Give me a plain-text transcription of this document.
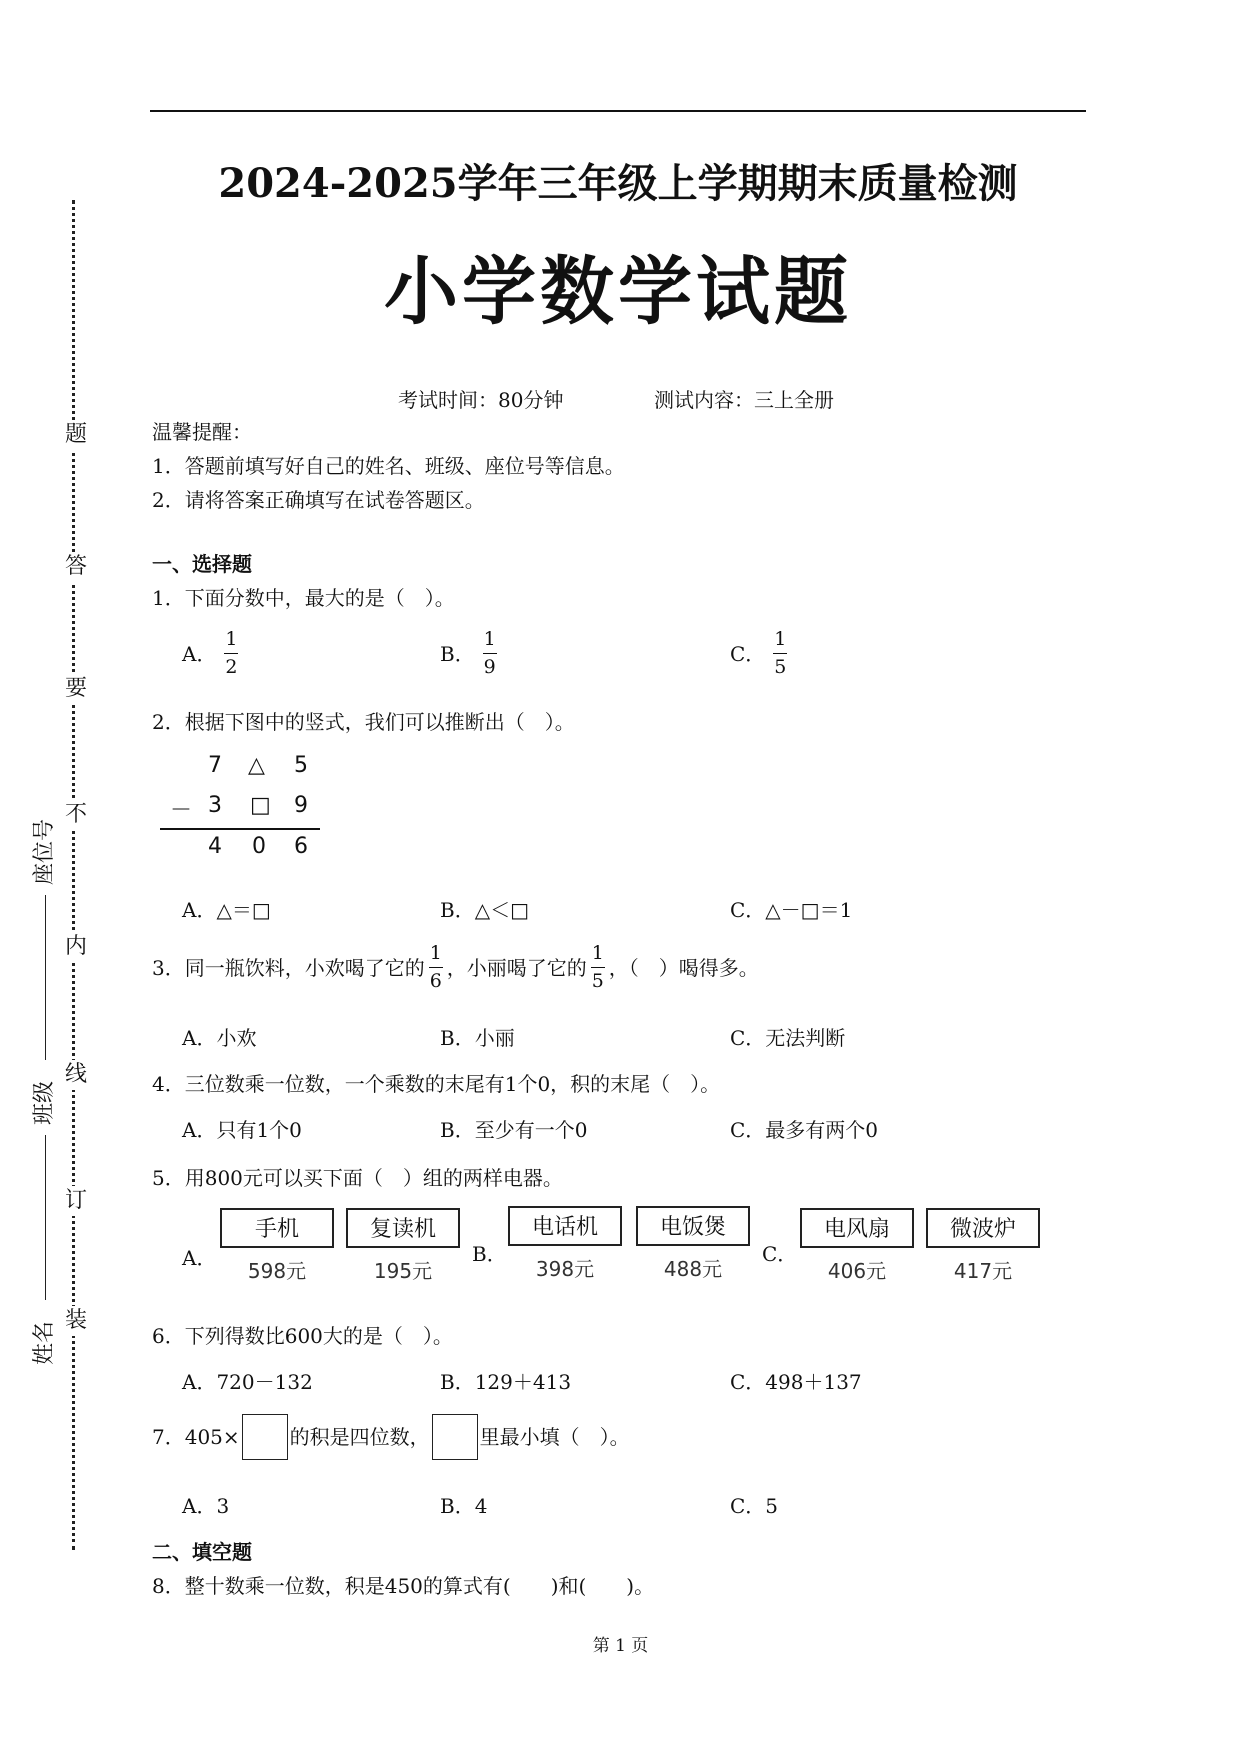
题
答
要
不
内
线
订
装
座位号
班级
姓名
2024-2025学年三年级上学期期末质量检测
小学数学试题
考试时间：80分钟	测试内容：三上全册
温馨提醒：
1．答题前填写好自己的姓名、班级、座位号等信息。
2．请将答案正确填写在试卷答题区。
一、选择题
1．下面分数中，最大的是（　）。
A． $\frac{1}{2}$	B． $\frac{1}{9}$	C． $\frac{1}{5}$
2．根据下图中的竖式，我们可以推断出（　）。
7 △ 5
－ 3 □ 9
4 0 6
A．△＝□	B．△＜□	C．△－□＝1
3．同一瓶饮料，小欢喝了它的 $\frac{1}{6}$ ，小丽喝了它的 $\frac{1}{5}$ ，（　）喝得多。
A．小欢	B．小丽	C．无法判断
4．三位数乘一位数，一个乘数的末尾有1个0，积的末尾（　）。
A．只有1个0	B．至少有一个0	C．最多有两个0
5．用800元可以买下面（　）组的两样电器。
A．	B．	C．
手机
598元
复读机
195元
电话机
398元
电饭煲
488元
电风扇
406元
微波炉
417元
6．下列得数比600大的是（　）。
A．720－132	B．129＋413	C．498＋137
7．405×	的积是四位数，	里最小填（　）。
A．3	B．4	C．5
二、填空题
8．整十数乘一位数，积是450的算式有(　　)和(　　)。
第 1 页
